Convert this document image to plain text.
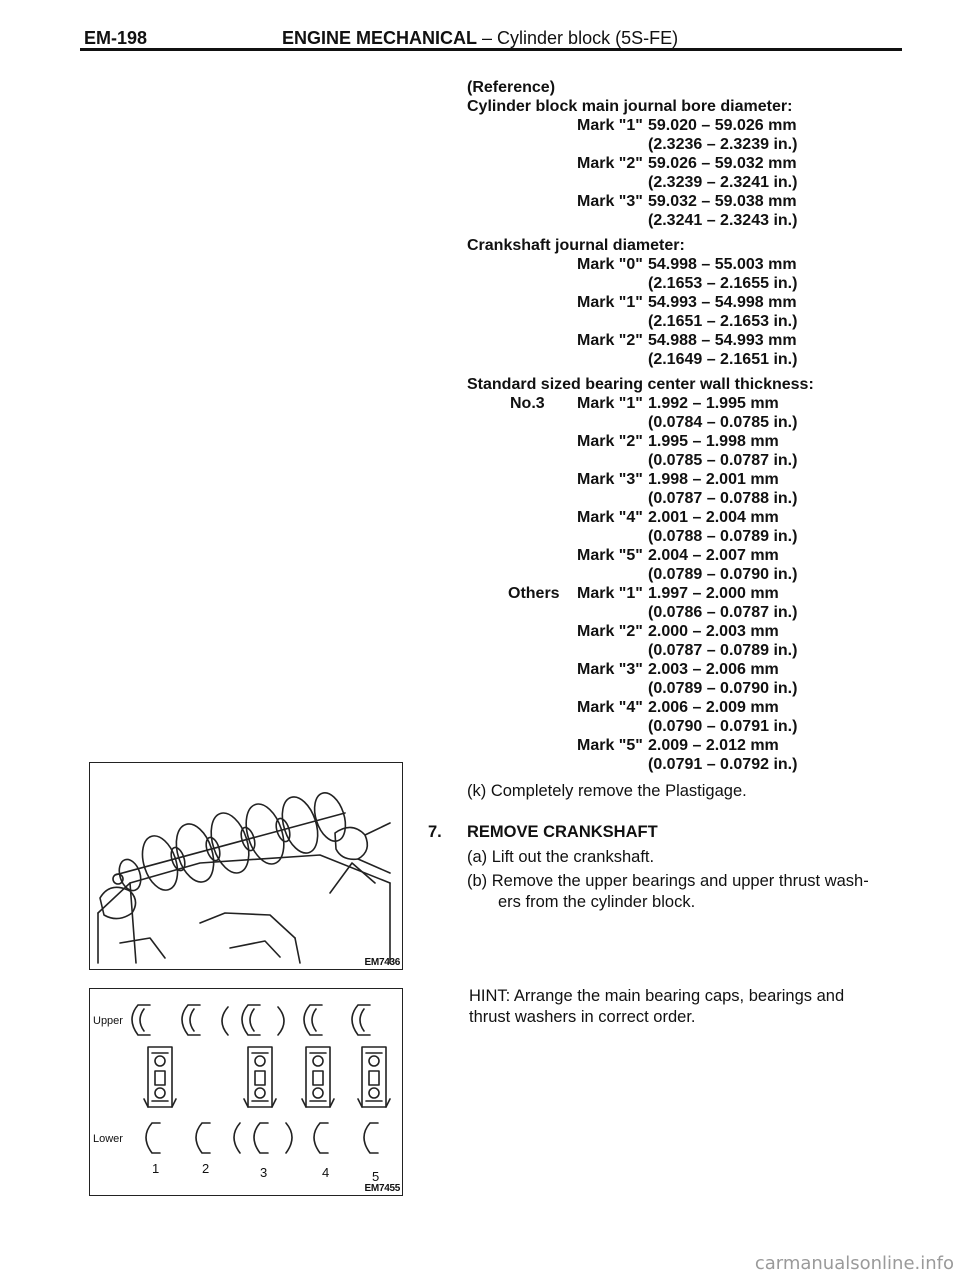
EM-198	ENGINE MECHANICAL – Cylinder block (5S-FE)
(Reference)
Cylinder block main journal bore diameter:
Mark "1" 59.020 – 59.026 mm
(2.3236 – 2.3239 in.)
Mark "2" 59.026 – 59.032 mm
(2.3239 – 2.3241 in.)
Mark "3" 59.032 – 59.038 mm
(2.3241 – 2.3243 in.)
Crankshaft journal diameter:
Mark "0" 54.998 – 55.003 mm
(2.1653 – 2.1655 in.)
Mark "1" 54.993 – 54.998 mm
(2.1651 – 2.1653 in.)
Mark "2" 54.988 – 54.993 mm
(2.1649 – 2.1651 in.)
Standard sized bearing center wall thickness:
No.3 Mark "1" 1.992 – 1.995 mm
(0.0784 – 0.0785 in.)
Mark "2" 1.995 – 1.998 mm
(0.0785 – 0.0787 in.)
Mark "3" 1.998 – 2.001 mm
(0.0787 – 0.0788 in.)
Mark "4" 2.001 – 2.004 mm
(0.0788 – 0.0789 in.)
Mark "5" 2.004 – 2.007 mm
(0.0789 – 0.0790 in.)
Others Mark "1" 1.997 – 2.000 mm
(0.0786 – 0.0787 in.)
Mark "2" 2.000 – 2.003 mm
(0.0787 – 0.0789 in.)
Mark "3" 2.003 – 2.006 mm
(0.0789 – 0.0790 in.)
Mark "4" 2.006 – 2.009 mm
(0.0790 – 0.0791 in.)
Mark "5" 2.009 – 2.012 mm
(0.0791 – 0.0792 in.)
(k) Completely remove the Plastigage.
7. REMOVE CRANKSHAFT
(a) Lift out the crankshaft.
(b) Remove the upper bearings and upper thrust wash-
ers from the cylinder block.
HINT: Arrange the main bearing caps, bearings and
thrust washers in correct order.
EM7436
Upper
Lower
1	2	3	4	5
EM7455
carmanualsonline.info
